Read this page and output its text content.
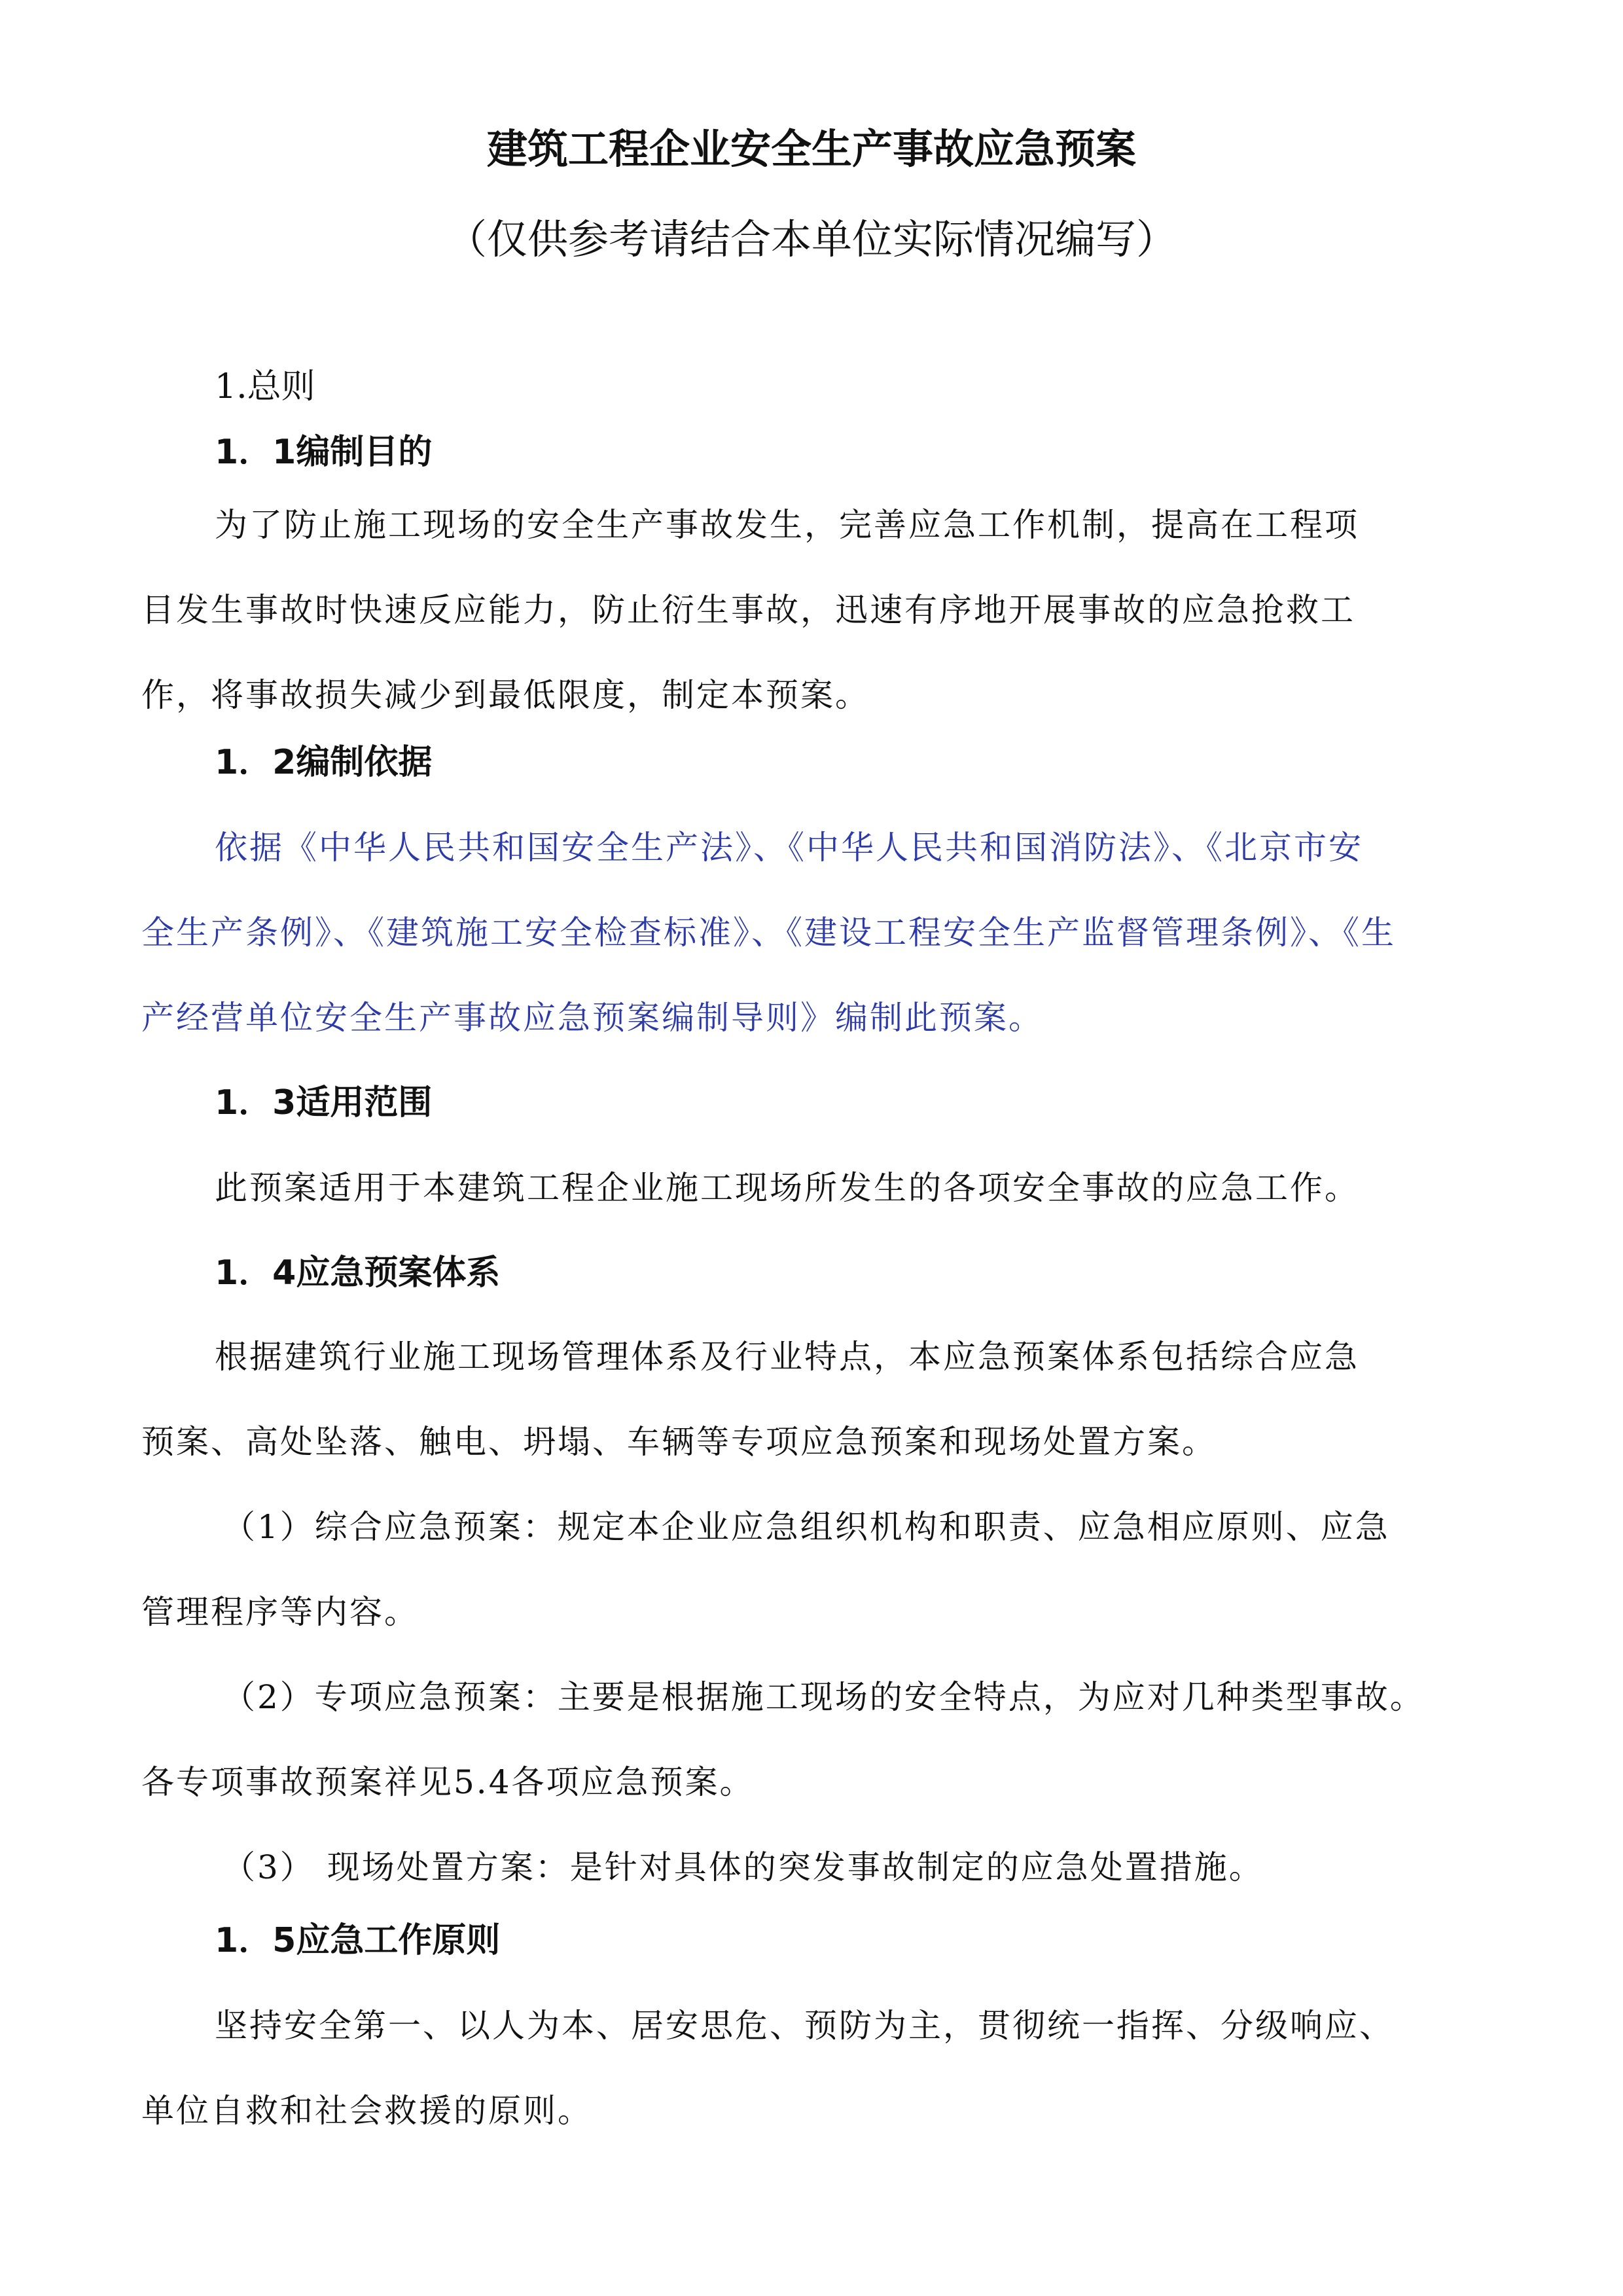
建筑工程企业安全生产事故应急预案
（仅供参考请结合本单位实际情况编写）
1.总则
1．1编制目的
为了防止施工现场的安全生产事故发生，完善应急工作机制，提高在工程项
目发生事故时快速反应能力，防止衍生事故，迅速有序地开展事故的应急抢救工
作，将事故损失减少到最低限度，制定本预案。
1．2编制依据
依据《中华人民共和国安全生产法》、《中华人民共和国消防法》、《北京市安
全生产条例》、《建筑施工安全检查标准》、《建设工程安全生产监督管理条例》、《生
产经营单位安全生产事故应急预案编制导则》编制此预案。
1．3适用范围
此预案适用于本建筑工程企业施工现场所发生的各项安全事故的应急工作。
1．4应急预案体系
根据建筑行业施工现场管理体系及行业特点，本应急预案体系包括综合应急
预案、高处坠落、触电、坍塌、车辆等专项应急预案和现场处置方案。
（1）综合应急预案：规定本企业应急组织机构和职责、应急相应原则、应急
管理程序等内容。
（2）专项应急预案：主要是根据施工现场的安全特点，为应对几种类型事故。
各专项事故预案祥见5.4各项应急预案。
（3） 现场处置方案：是针对具体的突发事故制定的应急处置措施。
1．5应急工作原则
坚持安全第一、以人为本、居安思危、预防为主，贯彻统一指挥、分级响应、
单位自救和社会救援的原则。
